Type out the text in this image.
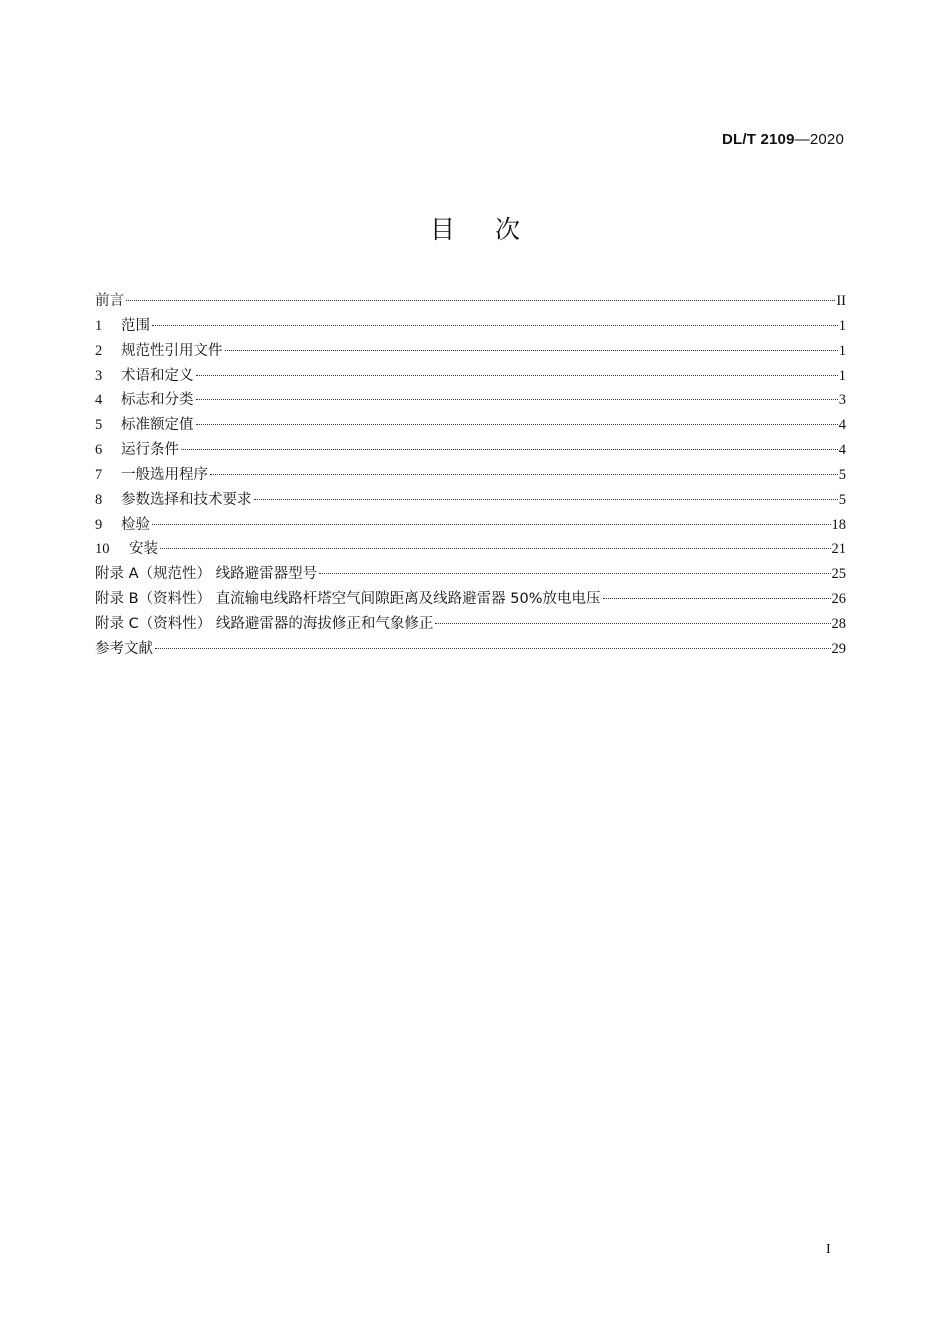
DL/T 2109—2020
目次
前言	II
1	范围	1
2	规范性引用文件	1
3	术语和定义	1
4	标志和分类	3
5	标准额定值	4
6	运行条件	4
7	一般选用程序	5
8	参数选择和技术要求	5
9	检验	18
10	安装	21
附录 A（规范性） 线路避雷器型号	25
附录 B（资料性） 直流输电线路杆塔空气间隙距离及线路避雷器 50%放电电压	26
附录 C（资料性） 线路避雷器的海拔修正和气象修正	28
参考文献	29
I
